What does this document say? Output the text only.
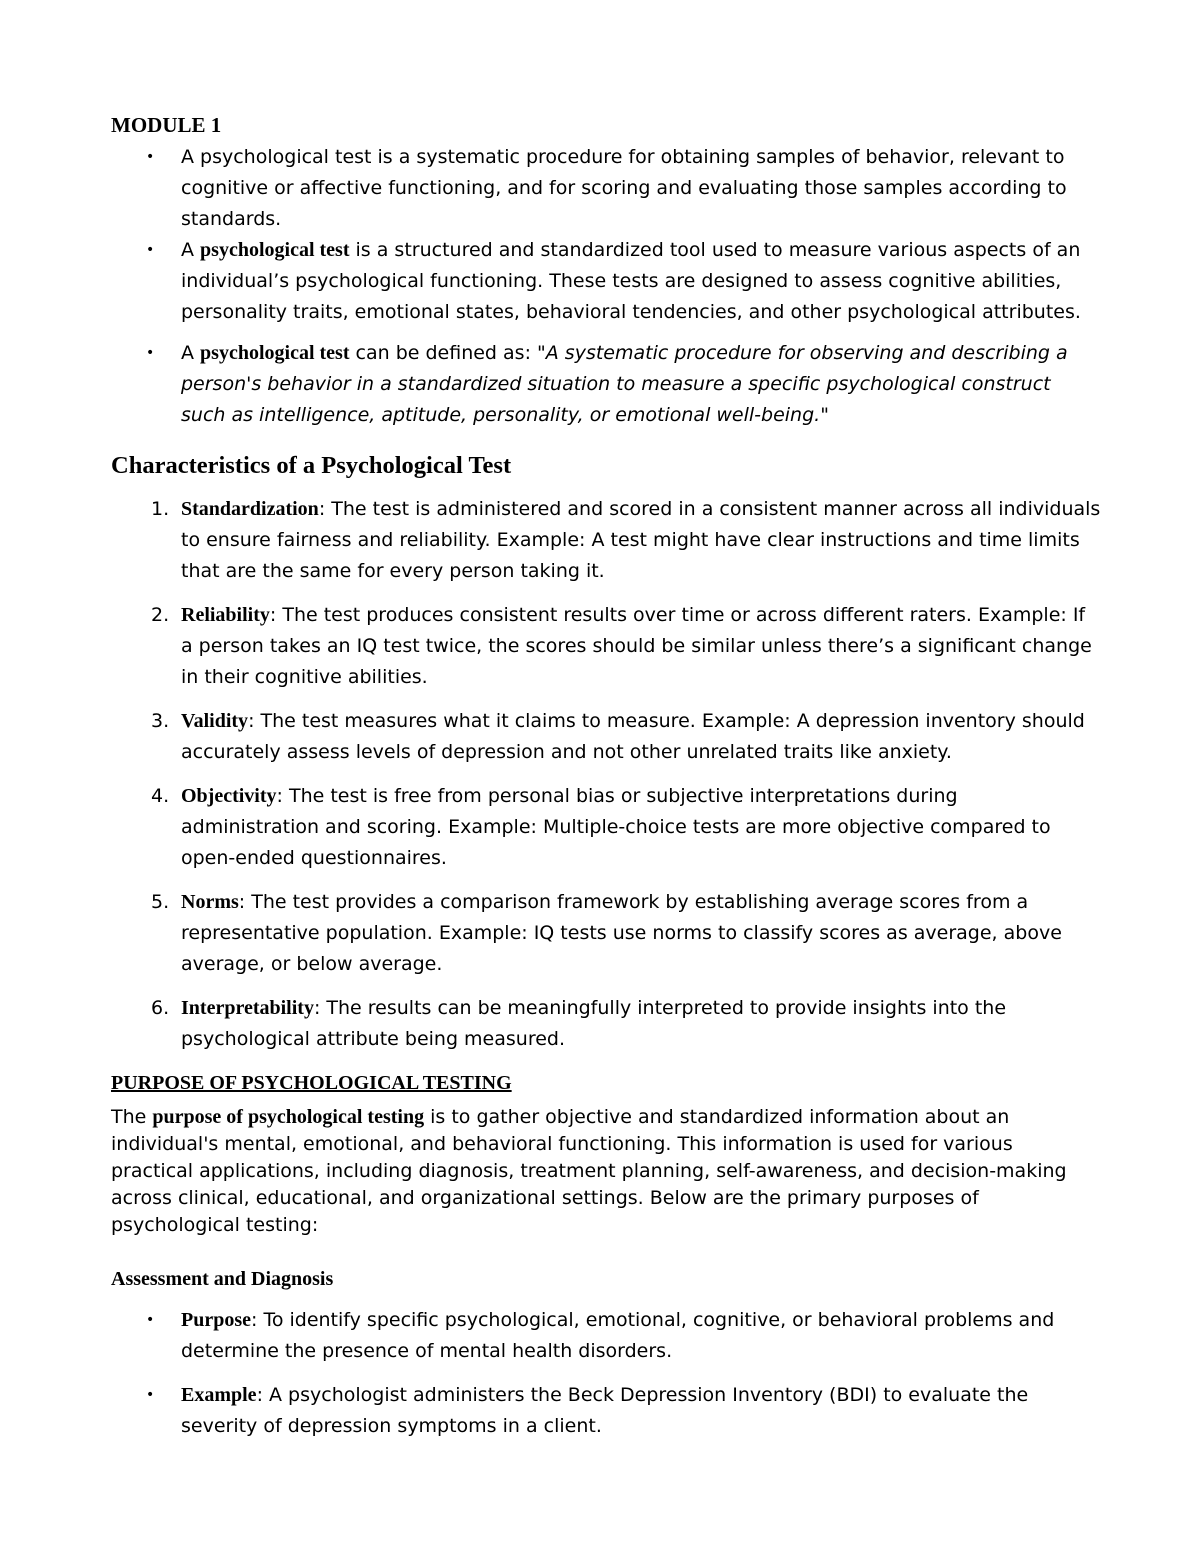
MODULE 1
•	A psychological test is a systematic procedure for obtaining samples of behavior, relevant to cognitive or affective functioning, and for scoring and evaluating those samples according to standards.
•	A psychological test is a structured and standardized tool used to measure various aspects of an individual’s psychological functioning. These tests are designed to assess cognitive abilities, personality traits, emotional states, behavioral tendencies, and other psychological attributes.
•	A psychological test can be defined as: "A systematic procedure for observing and describing a person's behavior in a standardized situation to measure a specific psychological construct such as intelligence, aptitude, personality, or emotional well-being."
Characteristics of a Psychological Test
1. Standardization: The test is administered and scored in a consistent manner across all individuals to ensure fairness and reliability. Example: A test might have clear instructions and time limits that are the same for every person taking it.
2. Reliability: The test produces consistent results over time or across different raters. Example: If a person takes an IQ test twice, the scores should be similar unless there’s a significant change in their cognitive abilities.
3. Validity: The test measures what it claims to measure. Example: A depression inventory should accurately assess levels of depression and not other unrelated traits like anxiety.
4. Objectivity: The test is free from personal bias or subjective interpretations during administration and scoring. Example: Multiple-choice tests are more objective compared to open-ended questionnaires.
5. Norms: The test provides a comparison framework by establishing average scores from a representative population. Example: IQ tests use norms to classify scores as average, above average, or below average.
6. Interpretability: The results can be meaningfully interpreted to provide insights into the psychological attribute being measured.
PURPOSE OF PSYCHOLOGICAL TESTING

The purpose of psychological testing is to gather objective and standardized information about an individual's mental, emotional, and behavioral functioning. This information is used for various practical applications, including diagnosis, treatment planning, self-awareness, and decision-making across clinical, educational, and organizational settings. Below are the primary purposes of psychological testing:

Assessment and Diagnosis
•	Purpose: To identify specific psychological, emotional, cognitive, or behavioral problems and determine the presence of mental health disorders.
•	Example: A psychologist administers the Beck Depression Inventory (BDI) to evaluate the severity of depression symptoms in a client.
